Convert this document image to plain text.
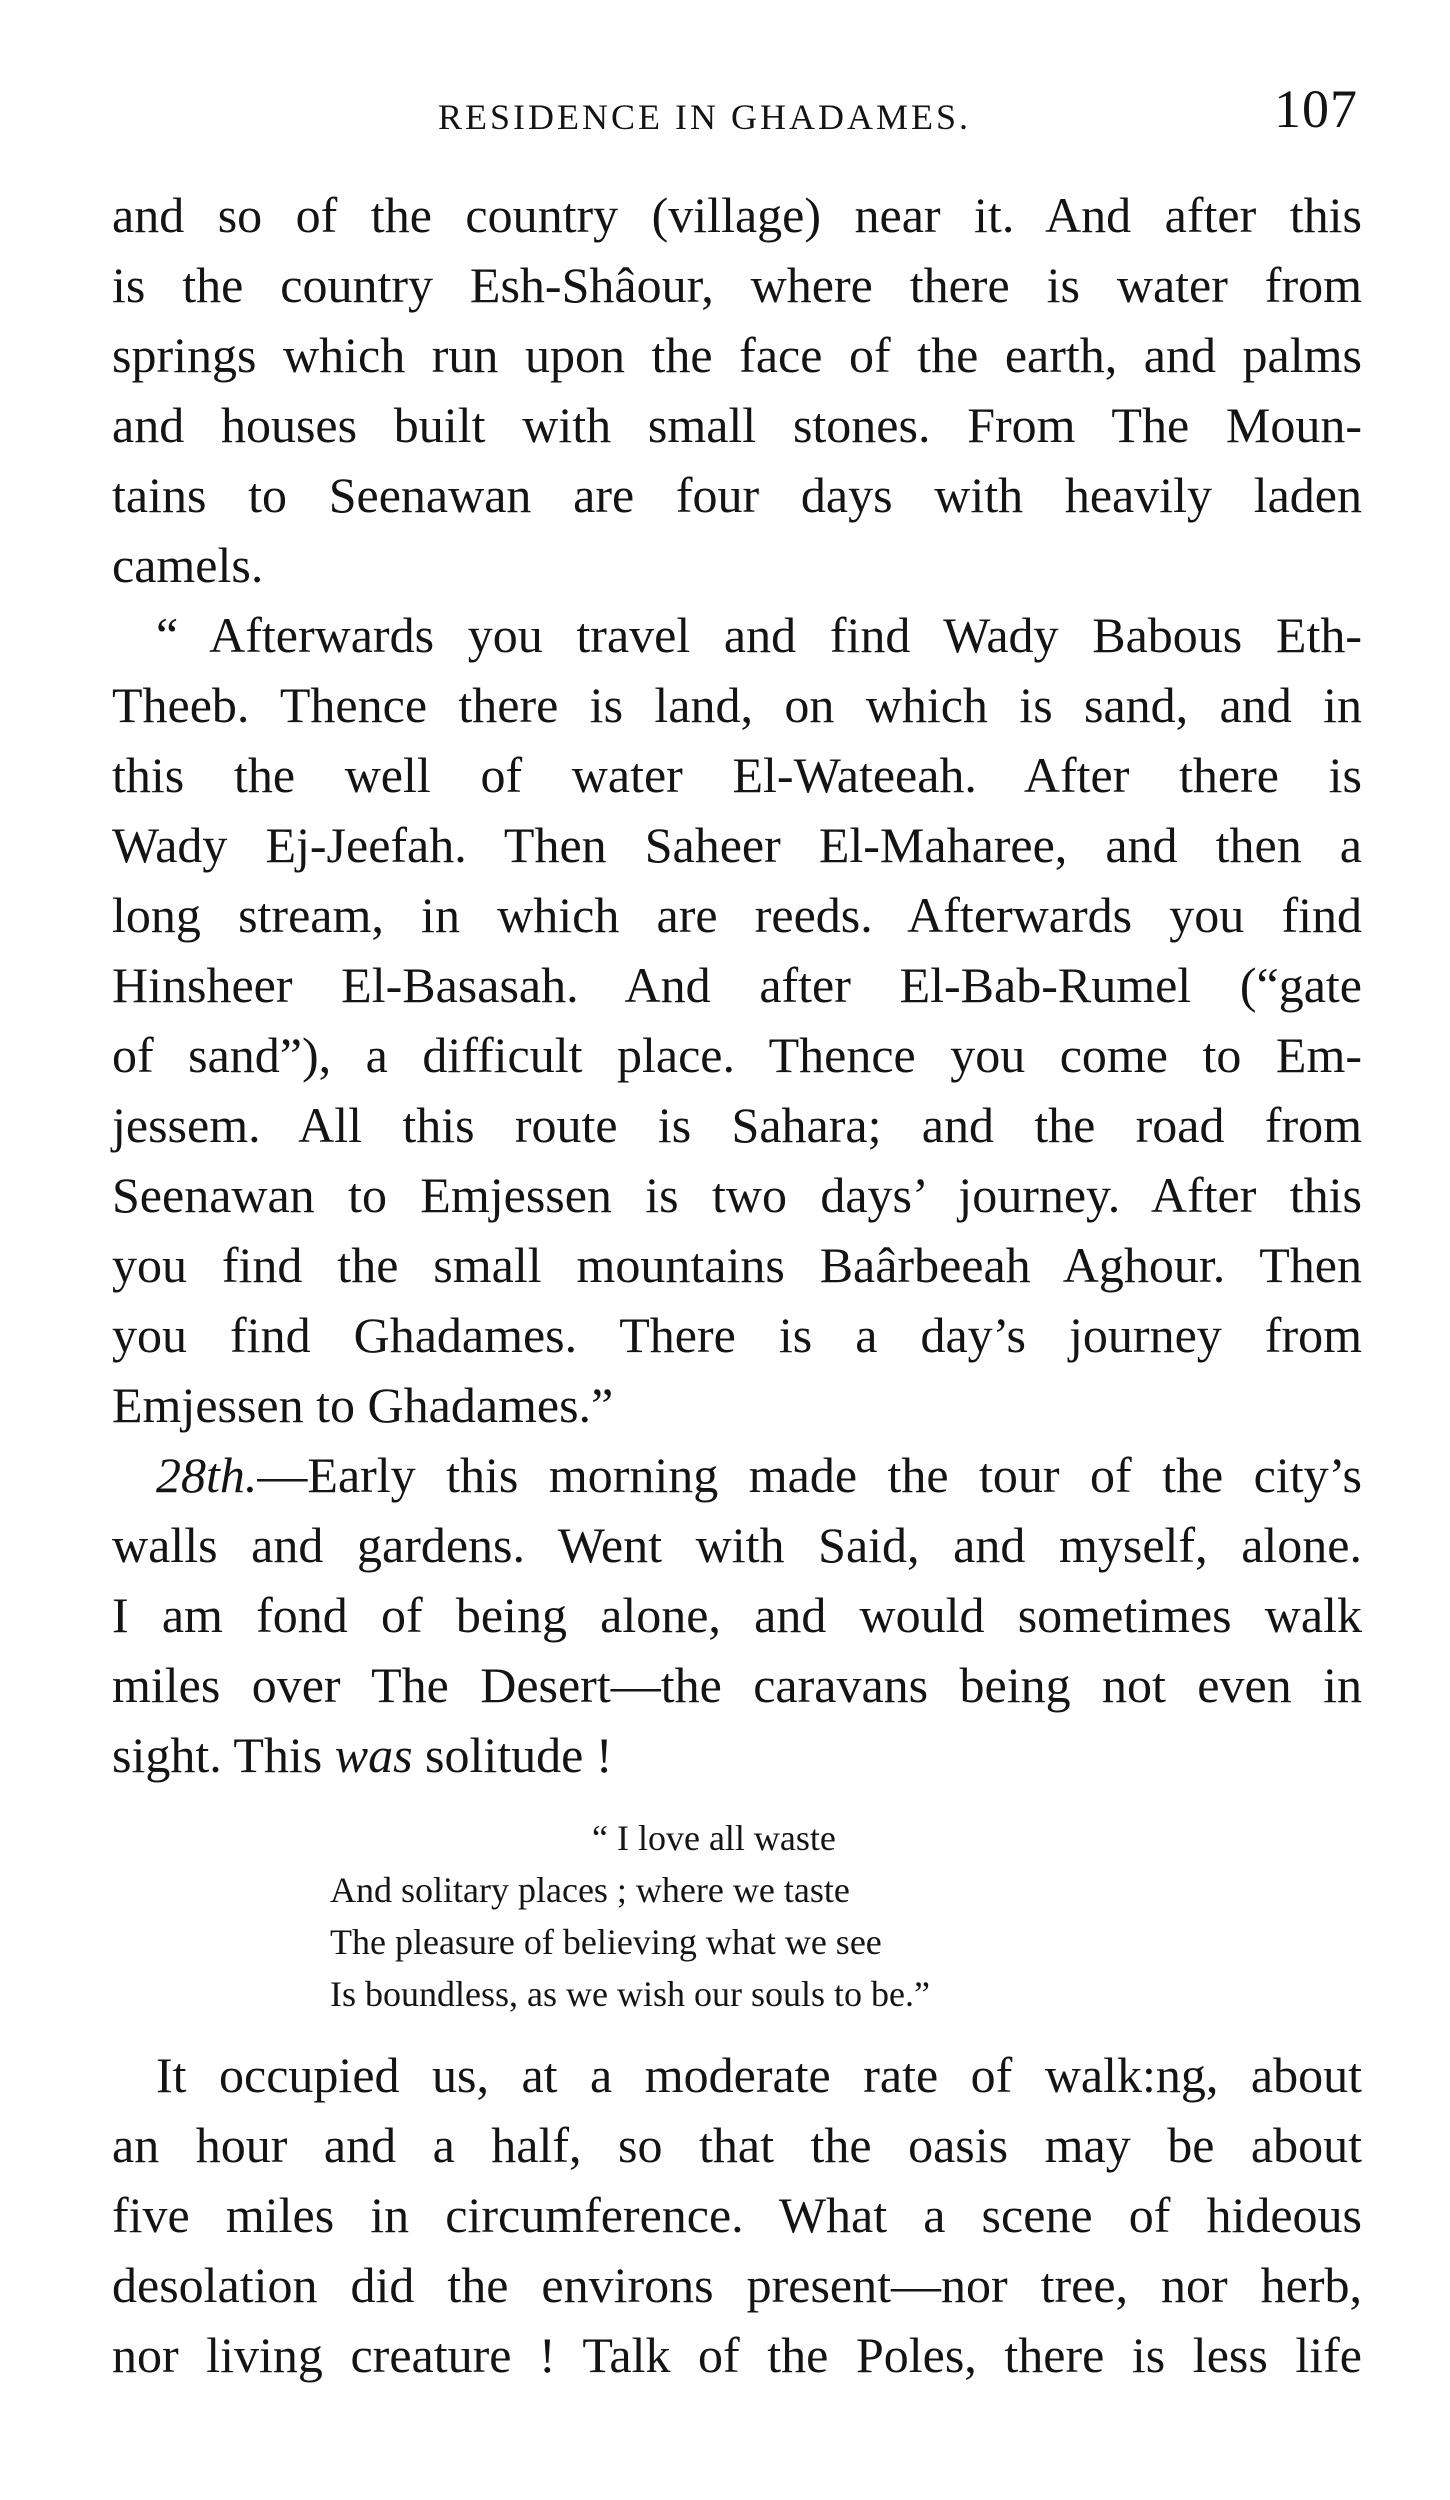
RESIDENCE IN GHADAMES.	107
and so of the country (village) near it. And after this
is the country Esh-Shâour, where there is water from
springs which run upon the face of the earth, and palms
and houses built with small stones. From The Moun-
tains to Seenawan are four days with heavily laden
camels.
“ Afterwards you travel and find Wady Babous Eth-
Theeb. Thence there is land, on which is sand, and in
this the well of water El-Wateeah. After there is
Wady Ej-Jeefah. Then Saheer El-Maharee, and then a
long stream, in which are reeds. Afterwards you find
Hinsheer El-Basasah. And after El-Bab-Rumel (“gate
of sand”), a difficult place. Thence you come to Em-
jessem. All this route is Sahara; and the road from
Seenawan to Emjessen is two days’ journey. After this
you find the small mountains Baârbeeah Aghour. Then
you find Ghadames. There is a day’s journey from
Emjessen to Ghadames.”
28th.—Early this morning made the tour of the city’s
walls and gardens. Went with Said, and myself, alone.
I am fond of being alone, and would sometimes walk
miles over The Desert—the caravans being not even in
sight. This was solitude !
“ I love all waste
And solitary places ; where we taste
The pleasure of believing what we see
Is boundless, as we wish our souls to be.”
It occupied us, at a moderate rate of walk:ng, about
an hour and a half, so that the oasis may be about
five miles in circumference. What a scene of hideous
desolation did the environs present—nor tree, nor herb,
nor living creature ! Talk of the Poles, there is less life
